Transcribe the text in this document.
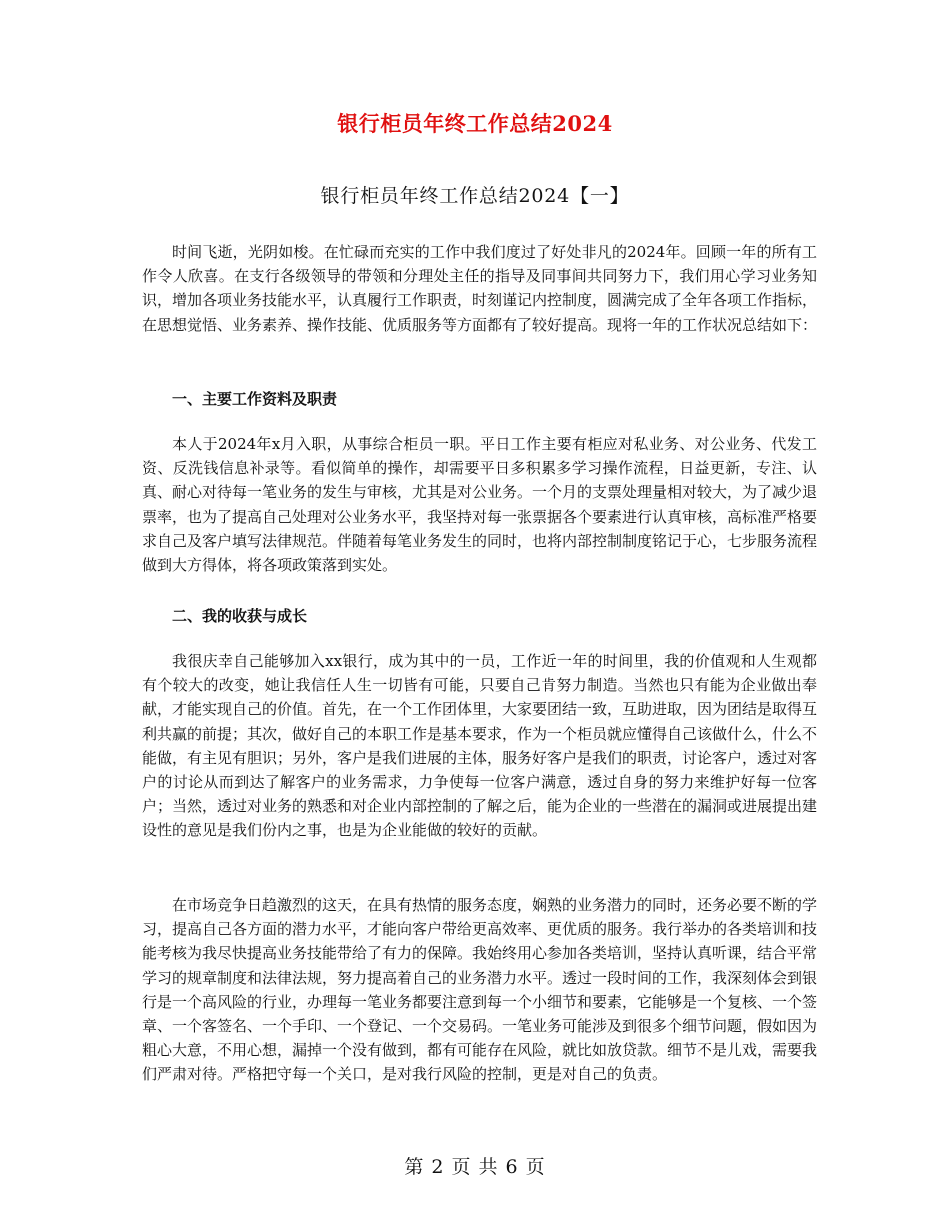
银行柜员年终工作总结2024
银行柜员年终工作总结2024【一】

时间飞逝，光阴如梭。在忙碌而充实的工作中我们度过了好处非凡的2024年。回顾一年的所有工作令人欣喜。在支行各级领导的带领和分理处主任的指导及同事间共同努力下，我们用心学习业务知识，增加各项业务技能水平，认真履行工作职责，时刻谨记内控制度，圆满完成了全年各项工作指标，在思想觉悟、业务素养、操作技能、优质服务等方面都有了较好提高。现将一年的工作状况总结如下：

一、主要工作资料及职责

本人于2024年x月入职，从事综合柜员一职。平日工作主要有柜应对私业务、对公业务、代发工资、反洗钱信息补录等。看似简单的操作，却需要平日多积累多学习操作流程，日益更新，专注、认真、耐心对待每一笔业务的发生与审核，尤其是对公业务。一个月的支票处理量相对较大，为了减少退票率，也为了提高自己处理对公业务水平，我坚持对每一张票据各个要素进行认真审核，高标准严格要求自己及客户填写法律规范。伴随着每笔业务发生的同时，也将内部控制制度铭记于心，七步服务流程做到大方得体，将各项政策落到实处。

二、我的收获与成长

我很庆幸自己能够加入xx银行，成为其中的一员，工作近一年的时间里，我的价值观和人生观都有个较大的改变，她让我信任人生一切皆有可能，只要自己肯努力制造。当然也只有能为企业做出奉献，才能实现自己的价值。首先，在一个工作团体里，大家要团结一致，互助进取，因为团结是取得互利共赢的前提；其次，做好自己的本职工作是基本要求，作为一个柜员就应懂得自己该做什么，什么不能做，有主见有胆识；另外，客户是我们进展的主体，服务好客户是我们的职责，讨论客户，透过对客户的讨论从而到达了解客户的业务需求，力争使每一位客户满意，透过自身的努力来维护好每一位客户；当然，透过对业务的熟悉和对企业内部控制的了解之后，能为企业的一些潜在的漏洞或进展提出建设性的意见是我们份内之事，也是为企业能做的较好的贡献。

在市场竞争日趋激烈的这天，在具有热情的服务态度，娴熟的业务潜力的同时，还务必要不断的学习，提高自己各方面的潜力水平，才能向客户带给更高效率、更优质的服务。我行举办的各类培训和技能考核为我尽快提高业务技能带给了有力的保障。我始终用心参加各类培训，坚持认真听课，结合平常学习的规章制度和法律法规，努力提高着自己的业务潜力水平。透过一段时间的工作，我深刻体会到银行是一个高风险的行业，办理每一笔业务都要注意到每一个小细节和要素，它能够是一个复核、一个签章、一个客签名、一个手印、一个登记、一个交易码。一笔业务可能涉及到很多个细节问题，假如因为粗心大意，不用心想，漏掉一个没有做到，都有可能存在风险，就比如放贷款。细节不是儿戏，需要我们严肃对待。严格把守每一个关口，是对我行风险的控制，更是对自己的负责。

第 2 页 共 6 页
